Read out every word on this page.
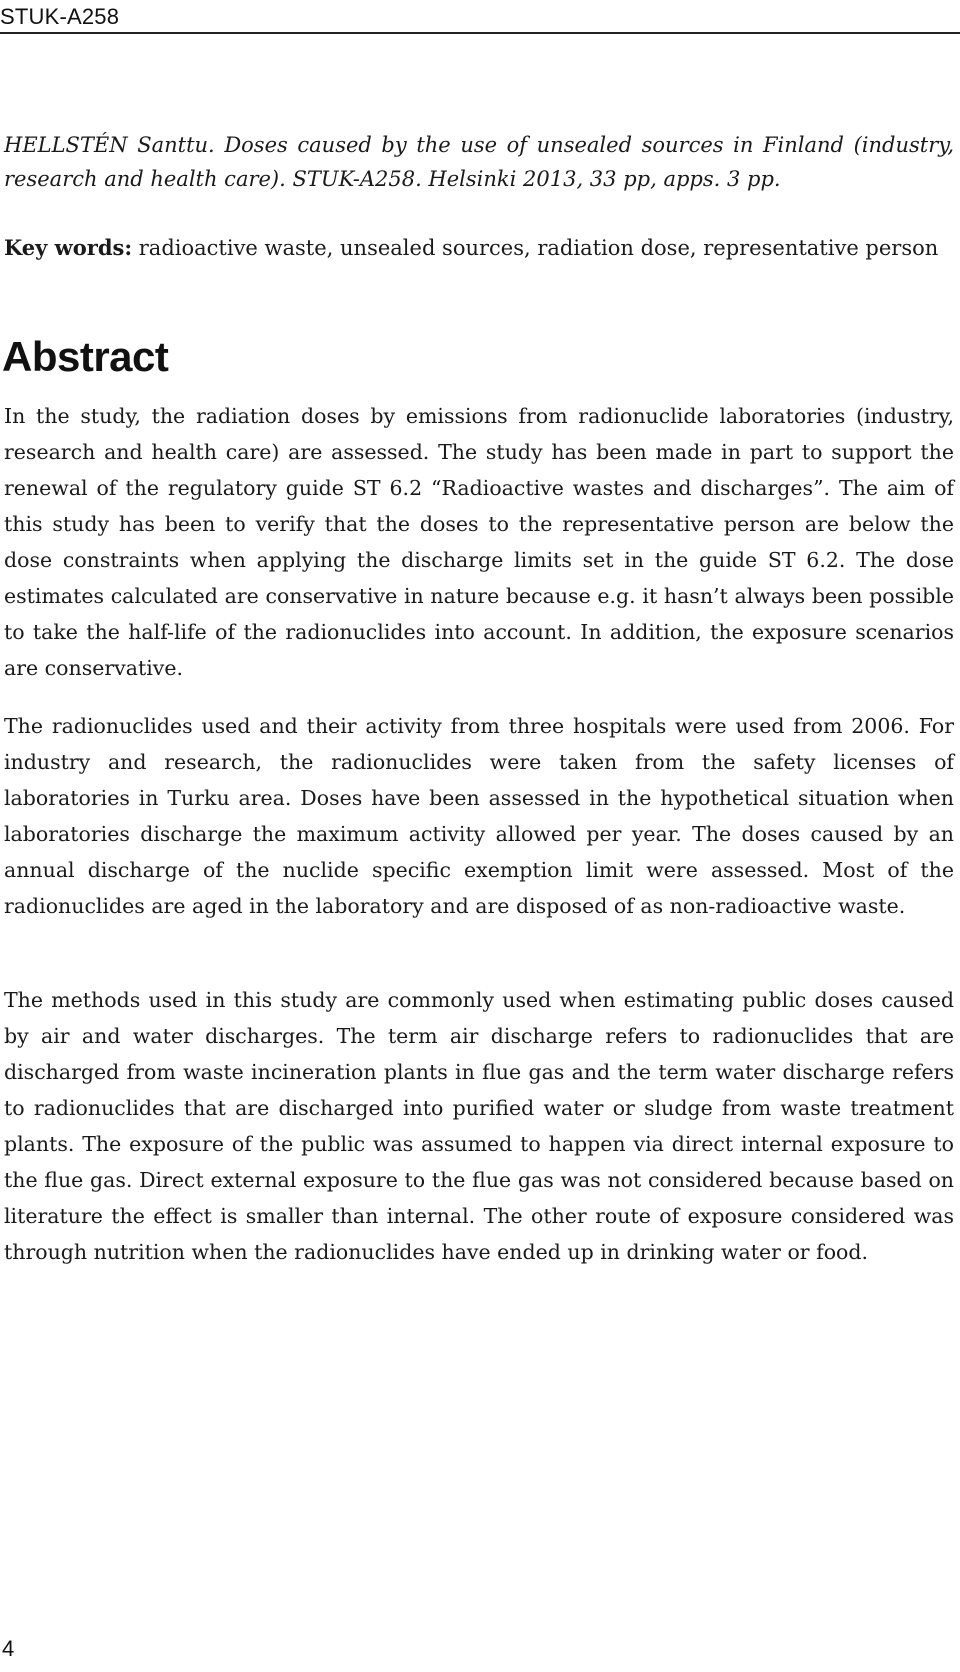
STUK-A258
HELLSTÉN Santtu. Doses caused by the use of unsealed sources in Finland (industry, research and health care). STUK-A258. Helsinki 2013, 33 pp, apps. 3 pp.
Key words: radioactive waste, unsealed sources, radiation dose, representative person
Abstract

In the study, the radiation doses by emissions from radionuclide laboratories (industry, research and health care) are assessed. The study has been made in part to support the renewal of the regulatory guide ST 6.2 “Radioactive wastes and discharges”. The aim of this study has been to verify that the doses to the representative person are below the dose constraints when applying the discharge limits set in the guide ST 6.2. The dose estimates calculated are conservative in nature because e.g. it hasn’t always been possible to take the half-life of the radionuclides into account. In addition, the exposure scenarios are conservative.

The radionuclides used and their activity from three hospitals were used from 2006. For industry and research, the radionuclides were taken from the safety licenses of laboratories in Turku area. Doses have been assessed in the hypothetical situation when laboratories discharge the maximum activity allowed per year. The doses caused by an annual discharge of the nuclide specific exemption limit were assessed. Most of the radionuclides are aged in the laboratory and are disposed of as non-radioactive waste.

The methods used in this study are commonly used when estimating public doses caused by air and water discharges. The term air discharge refers to radionuclides that are discharged from waste incineration plants in flue gas and the term water discharge refers to radionuclides that are discharged into purified water or sludge from waste treatment plants. The exposure of the public was assumed to happen via direct internal exposure to the flue gas. Direct external exposure to the flue gas was not considered because based on literature the effect is smaller than internal. The other route of exposure considered was through nutrition when the radionuclides have ended up in drinking water or food.

4
